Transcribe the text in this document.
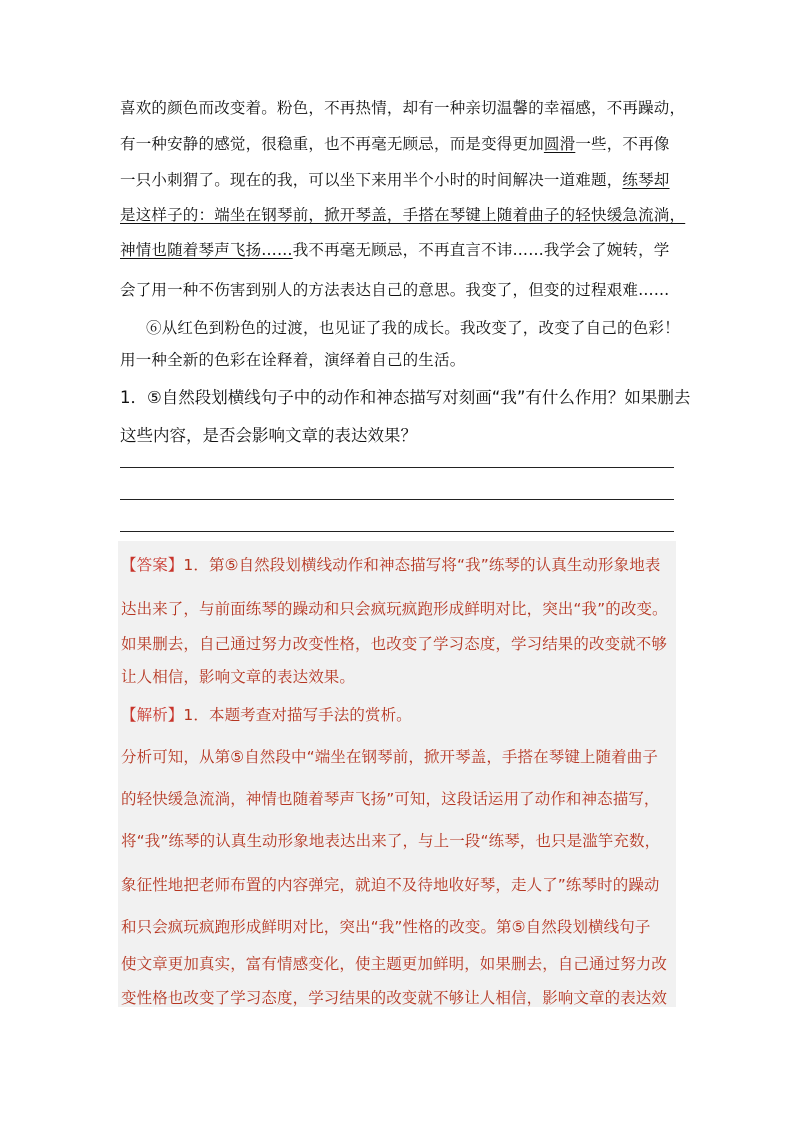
喜欢的颜色而改变着。粉色，不再热情，却有一种亲切温馨的幸福感，不再躁动，
有一种安静的感觉，很稳重，也不再毫无顾忌，而是变得更加圆滑一些，不再像
一只小刺猬了。现在的我，可以坐下来用半个小时的时间解决一道难题，练琴却
是这样子的：端坐在钢琴前，掀开琴盖，手搭在琴键上随着曲子的轻快缓急流淌，
神情也随着琴声飞扬……我不再毫无顾忌，不再直言不讳……我学会了婉转，学
会了用一种不伤害到别人的方法表达自己的意思。我变了，但变的过程艰难……
⑥从红色到粉色的过渡，也见证了我的成长。我改变了，改变了自己的色彩！
用一种全新的色彩在诠释着，演绎着自己的生活。
1．⑤自然段划横线句子中的动作和神态描写对刻画“我”有什么作用？如果删去
这些内容，是否会影响文章的表达效果？
【答案】1．第⑤自然段划横线动作和神态描写将“我”练琴的认真生动形象地表
达出来了，与前面练琴的躁动和只会疯玩疯跑形成鲜明对比，突出“我”的改变。
如果删去，自己通过努力改变性格，也改变了学习态度，学习结果的改变就不够
让人相信，影响文章的表达效果。
【解析】1．本题考查对描写手法的赏析。
分析可知，从第⑤自然段中“端坐在钢琴前，掀开琴盖，手搭在琴键上随着曲子
的轻快缓急流淌，神情也随着琴声飞扬”可知，这段话运用了动作和神态描写，
将“我”练琴的认真生动形象地表达出来了，与上一段“练琴，也只是滥竽充数，
象征性地把老师布置的内容弹完，就迫不及待地收好琴，走人了”练琴时的躁动
和只会疯玩疯跑形成鲜明对比，突出“我”性格的改变。第⑤自然段划横线句子
使文章更加真实，富有情感变化，使主题更加鲜明，如果删去，自己通过努力改
变性格也改变了学习态度，学习结果的改变就不够让人相信，影响文章的表达效
